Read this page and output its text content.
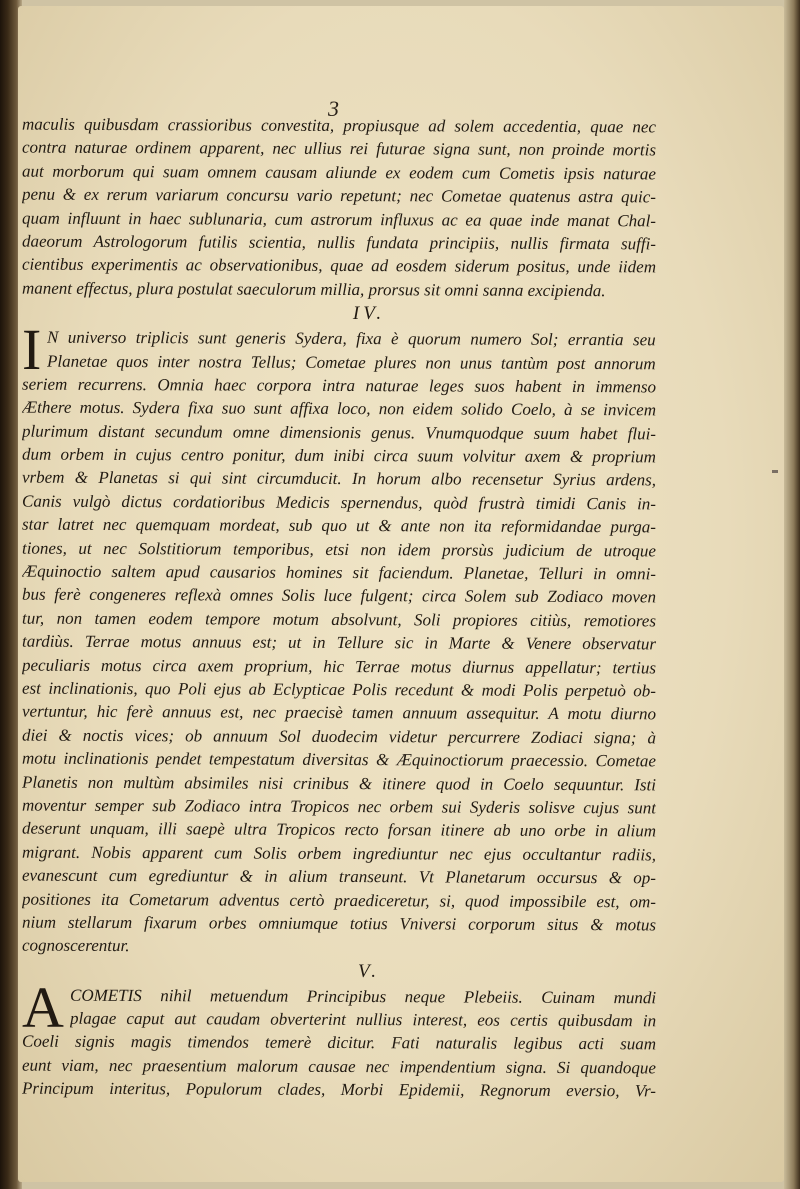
3
maculis quibusdam crassioribus convestita, propiusque ad solem accedentia, quae nec
contra naturae ordinem apparent, nec ullius rei futurae signa sunt, non proinde mortis
aut morborum qui suam omnem causam aliunde ex eodem cum Cometis ipsis naturae
penu & ex rerum variarum concursu vario repetunt; nec Cometae quatenus astra quic-
quam influunt in haec sublunaria, cum astrorum influxus ac ea quae inde manat Chal-
daeorum Astrologorum futilis scientia, nullis fundata principiis, nullis firmata suffi-
cientibus experimentis ac observationibus, quae ad eosdem siderum positus, unde iidem
manent effectus, plura postulat saeculorum millia, prorsus sit omni sanna excipienda.
IV.
I N universo triplicis sunt generis Sydera, fixa è quorum numero Sol; errantia seu
Planetae quos inter nostra Tellus; Cometae plures non unus tantùm post annorum
seriem recurrens. Omnia haec corpora intra naturae leges suos habent in immenso
Æthere motus. Sydera fixa suo sunt affixa loco, non eidem solido Coelo, à se invicem
plurimum distant secundum omne dimensionis genus. Vnumquodque suum habet flui-
dum orbem in cujus centro ponitur, dum inibi circa suum volvitur axem & proprium
vrbem & Planetas si qui sint circumducit. In horum albo recensetur Syrius ardens,
Canis vulgò dictus cordatioribus Medicis spernendus, quòd frustrà timidi Canis in-
star latret nec quemquam mordeat, sub quo ut & ante non ita reformidandae purga-
tiones, ut nec Solstitiorum temporibus, etsi non idem prorsùs judicium de utroque
Æquinoctio saltem apud causarios homines sit faciendum. Planetae, Telluri in omni-
bus ferè congeneres reflexà omnes Solis luce fulgent; circa Solem sub Zodiaco moven
tur, non tamen eodem tempore motum absolvunt, Soli propiores citiùs, remotiores
tardiùs. Terrae motus annuus est; ut in Tellure sic in Marte & Venere observatur
peculiaris motus circa axem proprium, hic Terrae motus diurnus appellatur; tertius
est inclinationis, quo Poli ejus ab Eclypticae Polis recedunt & modi Polis perpetuò ob-
vertuntur, hic ferè annuus est, nec praecisè tamen annuum assequitur. A motu diurno
diei & noctis vices; ob annuum Sol duodecim videtur percurrere Zodiaci signa; à
motu inclinationis pendet tempestatum diversitas & Æquinoctiorum praecessio. Cometae
Planetis non multùm absimiles nisi crinibus & itinere quod in Coelo sequuntur. Isti
moventur semper sub Zodiaco intra Tropicos nec orbem sui Syderis solisve cujus sunt
deserunt unquam, illi saepè ultra Tropicos recto forsan itinere ab uno orbe in alium
migrant. Nobis apparent cum Solis orbem ingrediuntur nec ejus occultantur radiis,
evanescunt cum egrediuntur & in alium transeunt. Vt Planetarum occursus & op-
positiones ita Cometarum adventus certò praediceretur, si, quod impossibile est, om-
nium stellarum fixarum orbes omniumque totius Vniversi corporum situs & motus
cognoscerentur.
V.
A COMETIS nihil metuendum Principibus neque Plebeiis. Cuinam mundi
plagae caput aut caudam obverterint nullius interest, eos certis quibusdam in
Coeli signis magis timendos temerè dicitur. Fati naturalis legibus acti suam
eunt viam, nec praesentium malorum causae nec impendentium signa. Si quandoque
Principum interitus, Populorum clades, Morbi Epidemii, Regnorum eversio, Vr-
